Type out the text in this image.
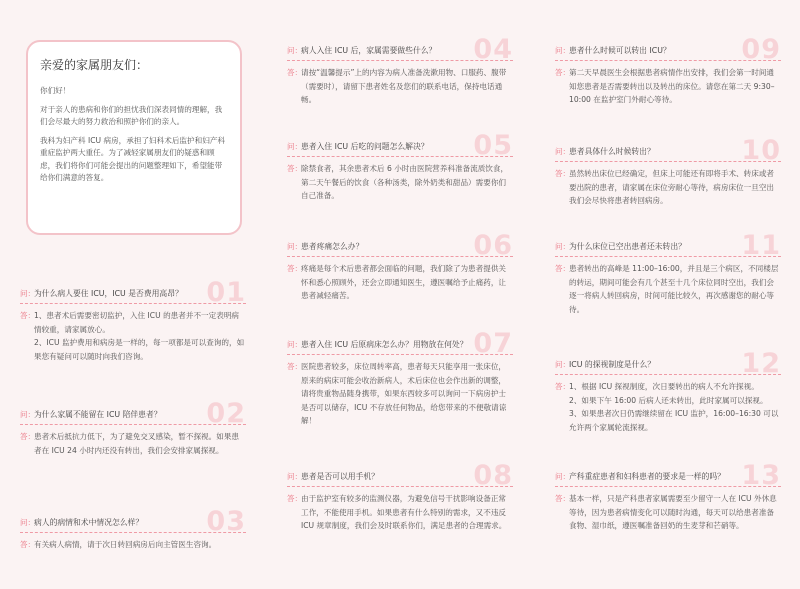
亲爱的家属朋友们：

你们好！

对于亲人的患病和你们的担忧我们深表同情的理解，我们会尽最大的努力救治和照护你们的亲人。

我科为妇产科 ICU 病房，承担了妇科术后监护和妇产科重症监护两大重任。为了减轻家属朋友们的疑惑和顾虑，我们将你们可能会提出的问题整理如下，希望能带给你们满意的答复。

01
问： 为什么病人要住 ICU，ICU 是否费用高昂？
答： 1、患者术后需要密切监护，入住 ICU 的患者并不一定表明病情较重，请家属放心。

2、ICU 监护费用和病房是一样的，每一项都是可以查询的，如果您有疑问可以随时向我们咨询。

02
问： 为什么家属不能留在 ICU 陪伴患者？
答： 患者术后抵抗力低下，为了避免交叉感染，暂不探视。如果患者在 ICU 24 小时内还没有转出，我们会安排家属探视。

03
问： 病人的病情和术中情况怎么样？
答： 有关病人病情，请于次日转回病房后向主管医生咨询。

04
问： 病人入住 ICU 后，家属需要做些什么？
答： 请按“温馨提示”上的内容为病人准备洗漱用物、口服药、腹带（需要时），请留下患者姓名及您们的联系电话，保持电话通畅。

05
问： 患者入住 ICU 后吃的问题怎么解决？
答： 除禁食者，其余患者术后 6 小时由医院营养科准备流质饮食，第二天午餐后的饮食（各种汤类，除外奶类和甜品）需要你们自己准备。

06
问： 患者疼痛怎么办？
答： 疼痛是每个术后患者都会面临的问题，我们除了为患者提供关怀和悉心照顾外，还会立即通知医生，遵医嘱给予止痛药，让患者减轻痛苦。

07
问： 患者入住 ICU 后原病床怎么办？用物放在何处？
答： 医院患者较多，床位周转率高，患者每天只能享用一张床位，原来的病床可能会收治新病人，术后床位也会作出新的调整，请将贵重物品随身携带，如果东西较多可以询问一下病房护士是否可以储存，ICU 不存放任何物品，给您带来的不便敬请谅解！

08
问： 患者是否可以用手机？
答： 由于监护室有较多的监测仪器，为避免信号干扰影响设备正常工作，不能使用手机。如果患者有什么特别的需求，又不违反 ICU 规章制度，我们会及时联系你们，满足患者的合理需求。

09
问： 患者什么时候可以转出 ICU？
答： 第二天早晨医生会根据患者病情作出安排，我们会第一时间通知您患者是否需要转出以及转出的床位。请您在第二天 9:30–10:00 在监护室门外耐心等待。

10
问： 患者具体什么时候转出？
答： 虽然转出床位已经确定，但床上可能还有即将手术、转床或者要出院的患者，请家属在床位旁耐心等待，病房床位一旦空出我们会尽快将患者转回病房。

11
问： 为什么床位已空出患者还未转出？
答： 患者转出的高峰是 11:00–16:00，并且是三个病区，不同楼层的转运，期间可能会有几个甚至十几个床位同时空出，我们会逐一将病人转回病房，时间可能比较久，再次感谢您的耐心等待。

12
问： ICU 的探视制度是什么？
答： 1、根据 ICU 探视制度，次日要转出的病人不允许探视。

2、如果下午 16:00 后病人还未转出，此时家属可以探视。

3、如果患者次日仍需继续留在 ICU 监护，16:00–16:30 可以允许两个家属轮流探视。

13
问： 产科重症患者和妇科患者的要求是一样的吗？
答： 基本一样，只是产科患者家属需要至少留守一人在 ICU 外休息等待，因为患者病情变化可以随时沟通，每天可以给患者准备食物、湿巾纸，遵医嘱准备回奶的生麦芽和芒硝等。
